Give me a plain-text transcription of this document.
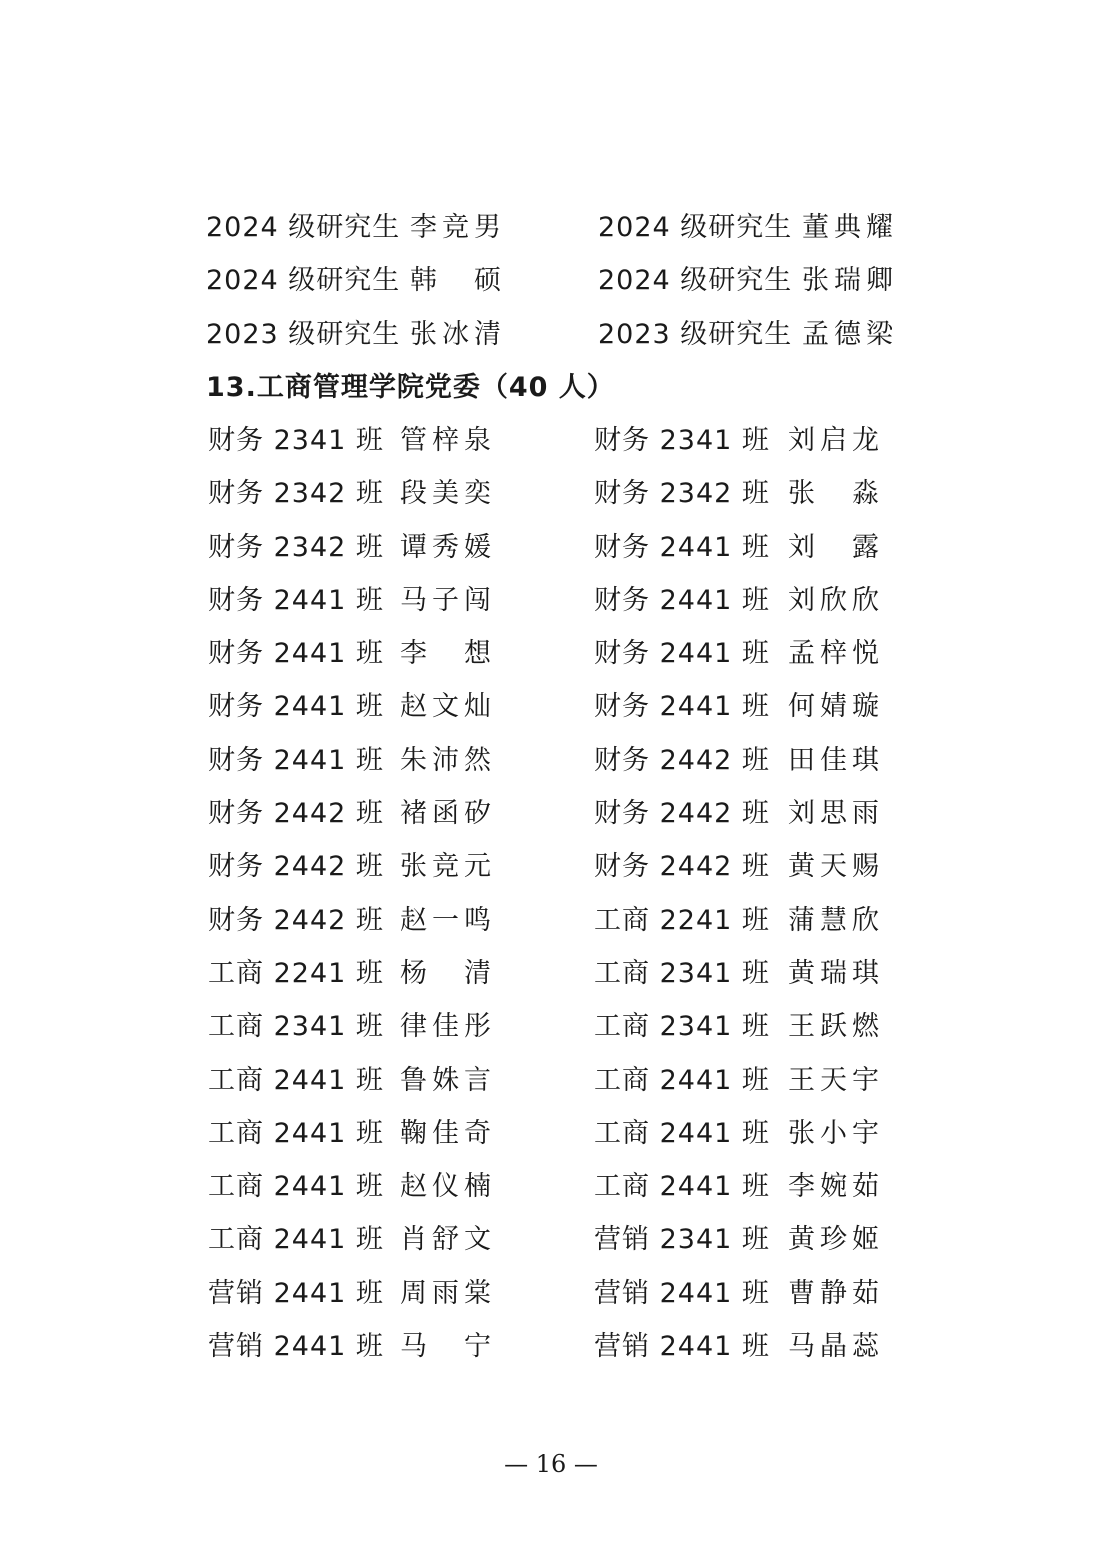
2024 级研究生 李竞男	2024 级研究生 董典耀
2024 级研究生 韩　硕	2024 级研究生 张瑞卿
2023 级研究生 张冰清	2023 级研究生 孟德梁
13.工商管理学院党委（40 人）
财务 2341 班 管梓泉	财务 2341 班 刘启龙
财务 2342 班 段美奕	财务 2342 班 张　淼
财务 2342 班 谭秀媛	财务 2441 班 刘　露
财务 2441 班 马子闯	财务 2441 班 刘欣欣
财务 2441 班 李　想	财务 2441 班 孟梓悦
财务 2441 班 赵文灿	财务 2441 班 何婧璇
财务 2441 班 朱沛然	财务 2442 班 田佳琪
财务 2442 班 褚函矽	财务 2442 班 刘思雨
财务 2442 班 张竞元	财务 2442 班 黄天赐
财务 2442 班 赵一鸣	工商 2241 班 蒲慧欣
工商 2241 班 杨　清	工商 2341 班 黄瑞琪
工商 2341 班 律佳彤	工商 2341 班 王跃燃
工商 2441 班 鲁姝言	工商 2441 班 王天宇
工商 2441 班 鞠佳奇	工商 2441 班 张小宇
工商 2441 班 赵仪楠	工商 2441 班 李婉茹
工商 2441 班 肖舒文	营销 2341 班 黄珍姬
营销 2441 班 周雨棠	营销 2441 班 曹静茹
营销 2441 班 马　宁	营销 2441 班 马晶蕊
— 16 —
